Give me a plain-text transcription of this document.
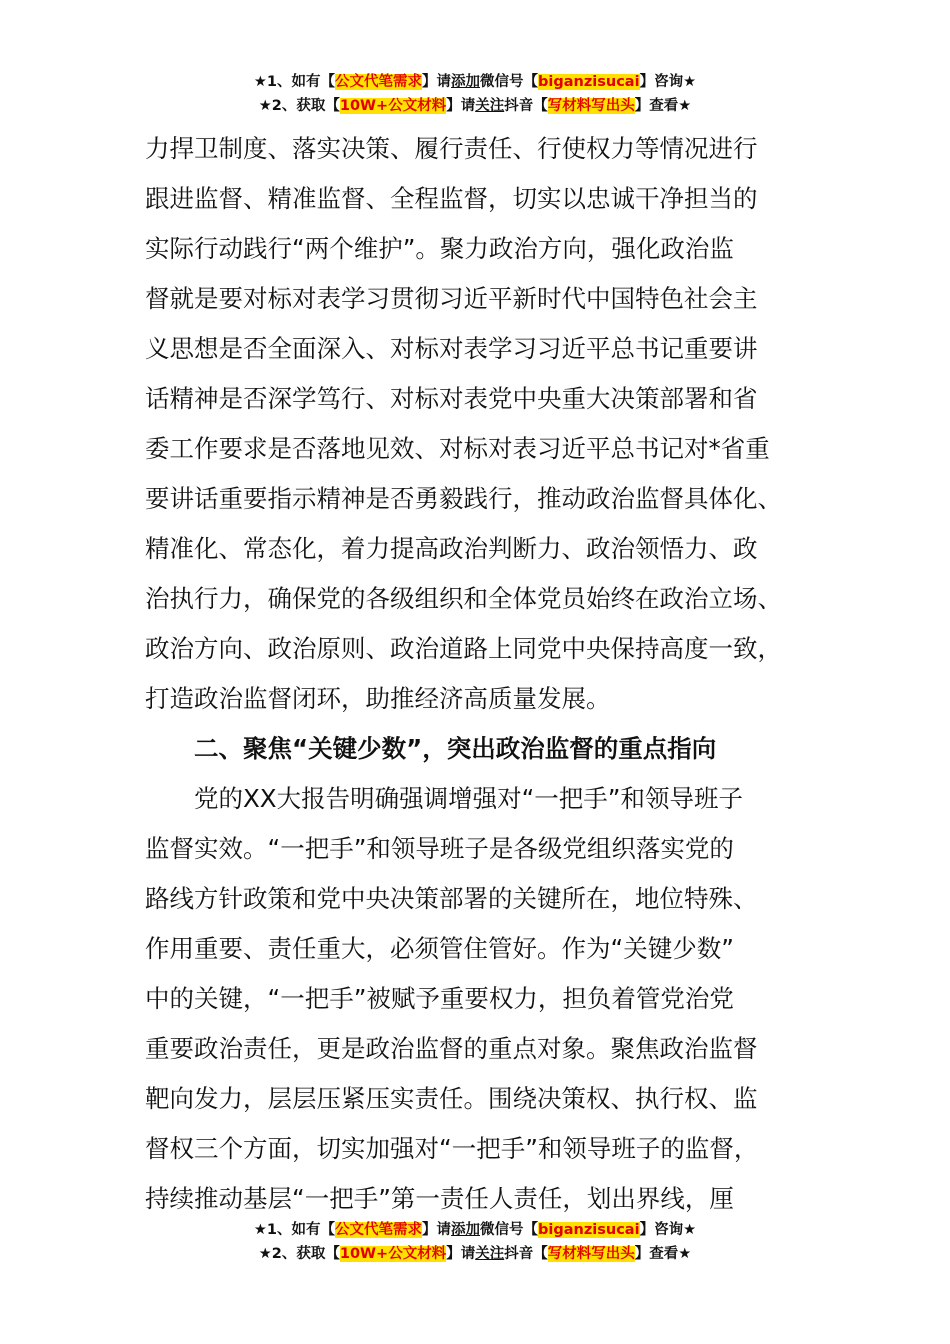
★1、如有【公文代笔需求】请添加微信号【biganzisucai】咨询★
★2、获取【10W+公文材料】请关注抖音【写材料写出头】查看★
力捍卫制度、落实决策、履行责任、行使权力等情况进行
跟进监督、精准监督、全程监督，切实以忠诚干净担当的
实际行动践行“两个维护”。聚力政治方向，强化政治监
督就是要对标对表学习贯彻习近平新时代中国特色社会主
义思想是否全面深入、对标对表学习习近平总书记重要讲
话精神是否深学笃行、对标对表党中央重大决策部署和省
委工作要求是否落地见效、对标对表习近平总书记对*省重
要讲话重要指示精神是否勇毅践行，推动政治监督具体化、
精准化、常态化，着力提高政治判断力、政治领悟力、政
治执行力，确保党的各级组织和全体党员始终在政治立场、
政治方向、政治原则、政治道路上同党中央保持高度一致，
打造政治监督闭环，助推经济高质量发展。
二、聚焦“关键少数”，突出政治监督的重点指向
党的XX大报告明确强调增强对“一把手”和领导班子
监督实效。“一把手”和领导班子是各级党组织落实党的
路线方针政策和党中央决策部署的关键所在，地位特殊、
作用重要、责任重大，必须管住管好。作为“关键少数”
中的关键，“一把手”被赋予重要权力，担负着管党治党
重要政治责任，更是政治监督的重点对象。聚焦政治监督
靶向发力，层层压紧压实责任。围绕决策权、执行权、监
督权三个方面，切实加强对“一把手”和领导班子的监督，
持续推动基层“一把手”第一责任人责任，划出界线，厘
★1、如有【公文代笔需求】请添加微信号【biganzisucai】咨询★
★2、获取【10W+公文材料】请关注抖音【写材料写出头】查看★
